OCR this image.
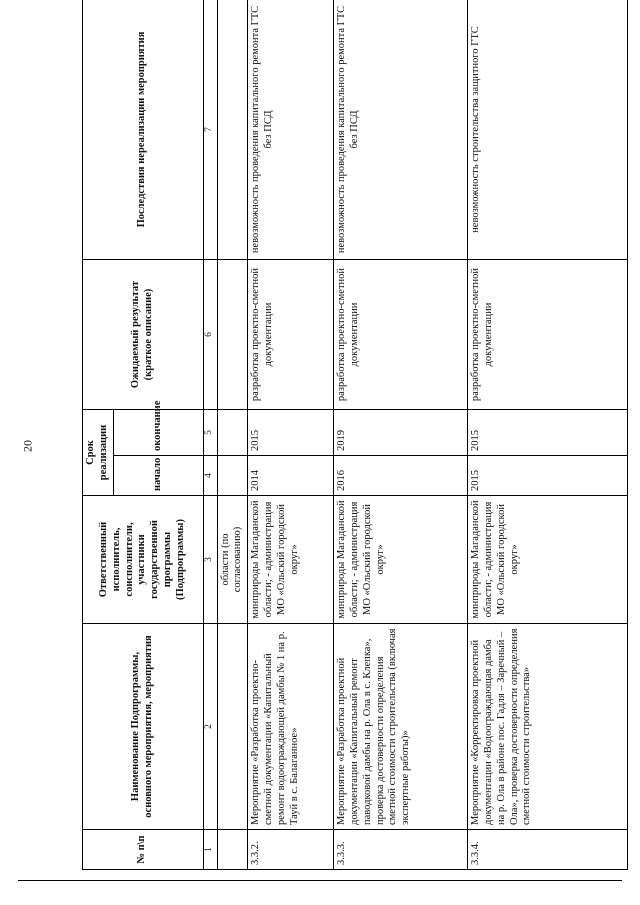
20
№ п\п	Наименование Подпрограммы, основного мероприятия, мероприятия	Ответственный исполнитель, соисполнители, участники государственной программы (Подпрограммы)	Срок реализации		Ожидаемый результат (краткое описание)	Последствия нереализации мероприятия
			начало	окончание		
1	2	3	4	5	6	7
		области (по согласованию)				
3.3.2.	Мероприятие «Разработка проектно-сметной документации «Капитальный ремонт водоограждающей дамбы № 1 на р. Тауй в с. Балаганное»	минприроды Магаданской области; - администрация МО «Ольский городской округ»	2014	2015	разработка проектно-сметной документации	невозможность проведения капитального ремонта ГТС без ПСД
3.3.3.	Мероприятие «Разработка проектной документации «Капитальный ремонт паводковой дамбы на р. Ола в с. Клепка», проверка достоверности определения сметной стоимости строительства (включая экспертные работы)»	минприроды Магаданской области; - администрация МО «Ольский городской округ»	2016	2019	разработка проектно-сметной документации	невозможность проведения капитального ремонта ГТС без ПСД
3.3.4.	Мероприятие «Корректировка проектной документации «Водоограждающая дамба на р. Ола в районе пос. Гадля – Заречный – Ола», проверка достоверности определения сметной стоимости строительства»	минприроды Магаданской области; - администрация МО «Ольский городской округ»	2015	2015	разработка проектно-сметной документации	невозможность строительства защитного ГТС
